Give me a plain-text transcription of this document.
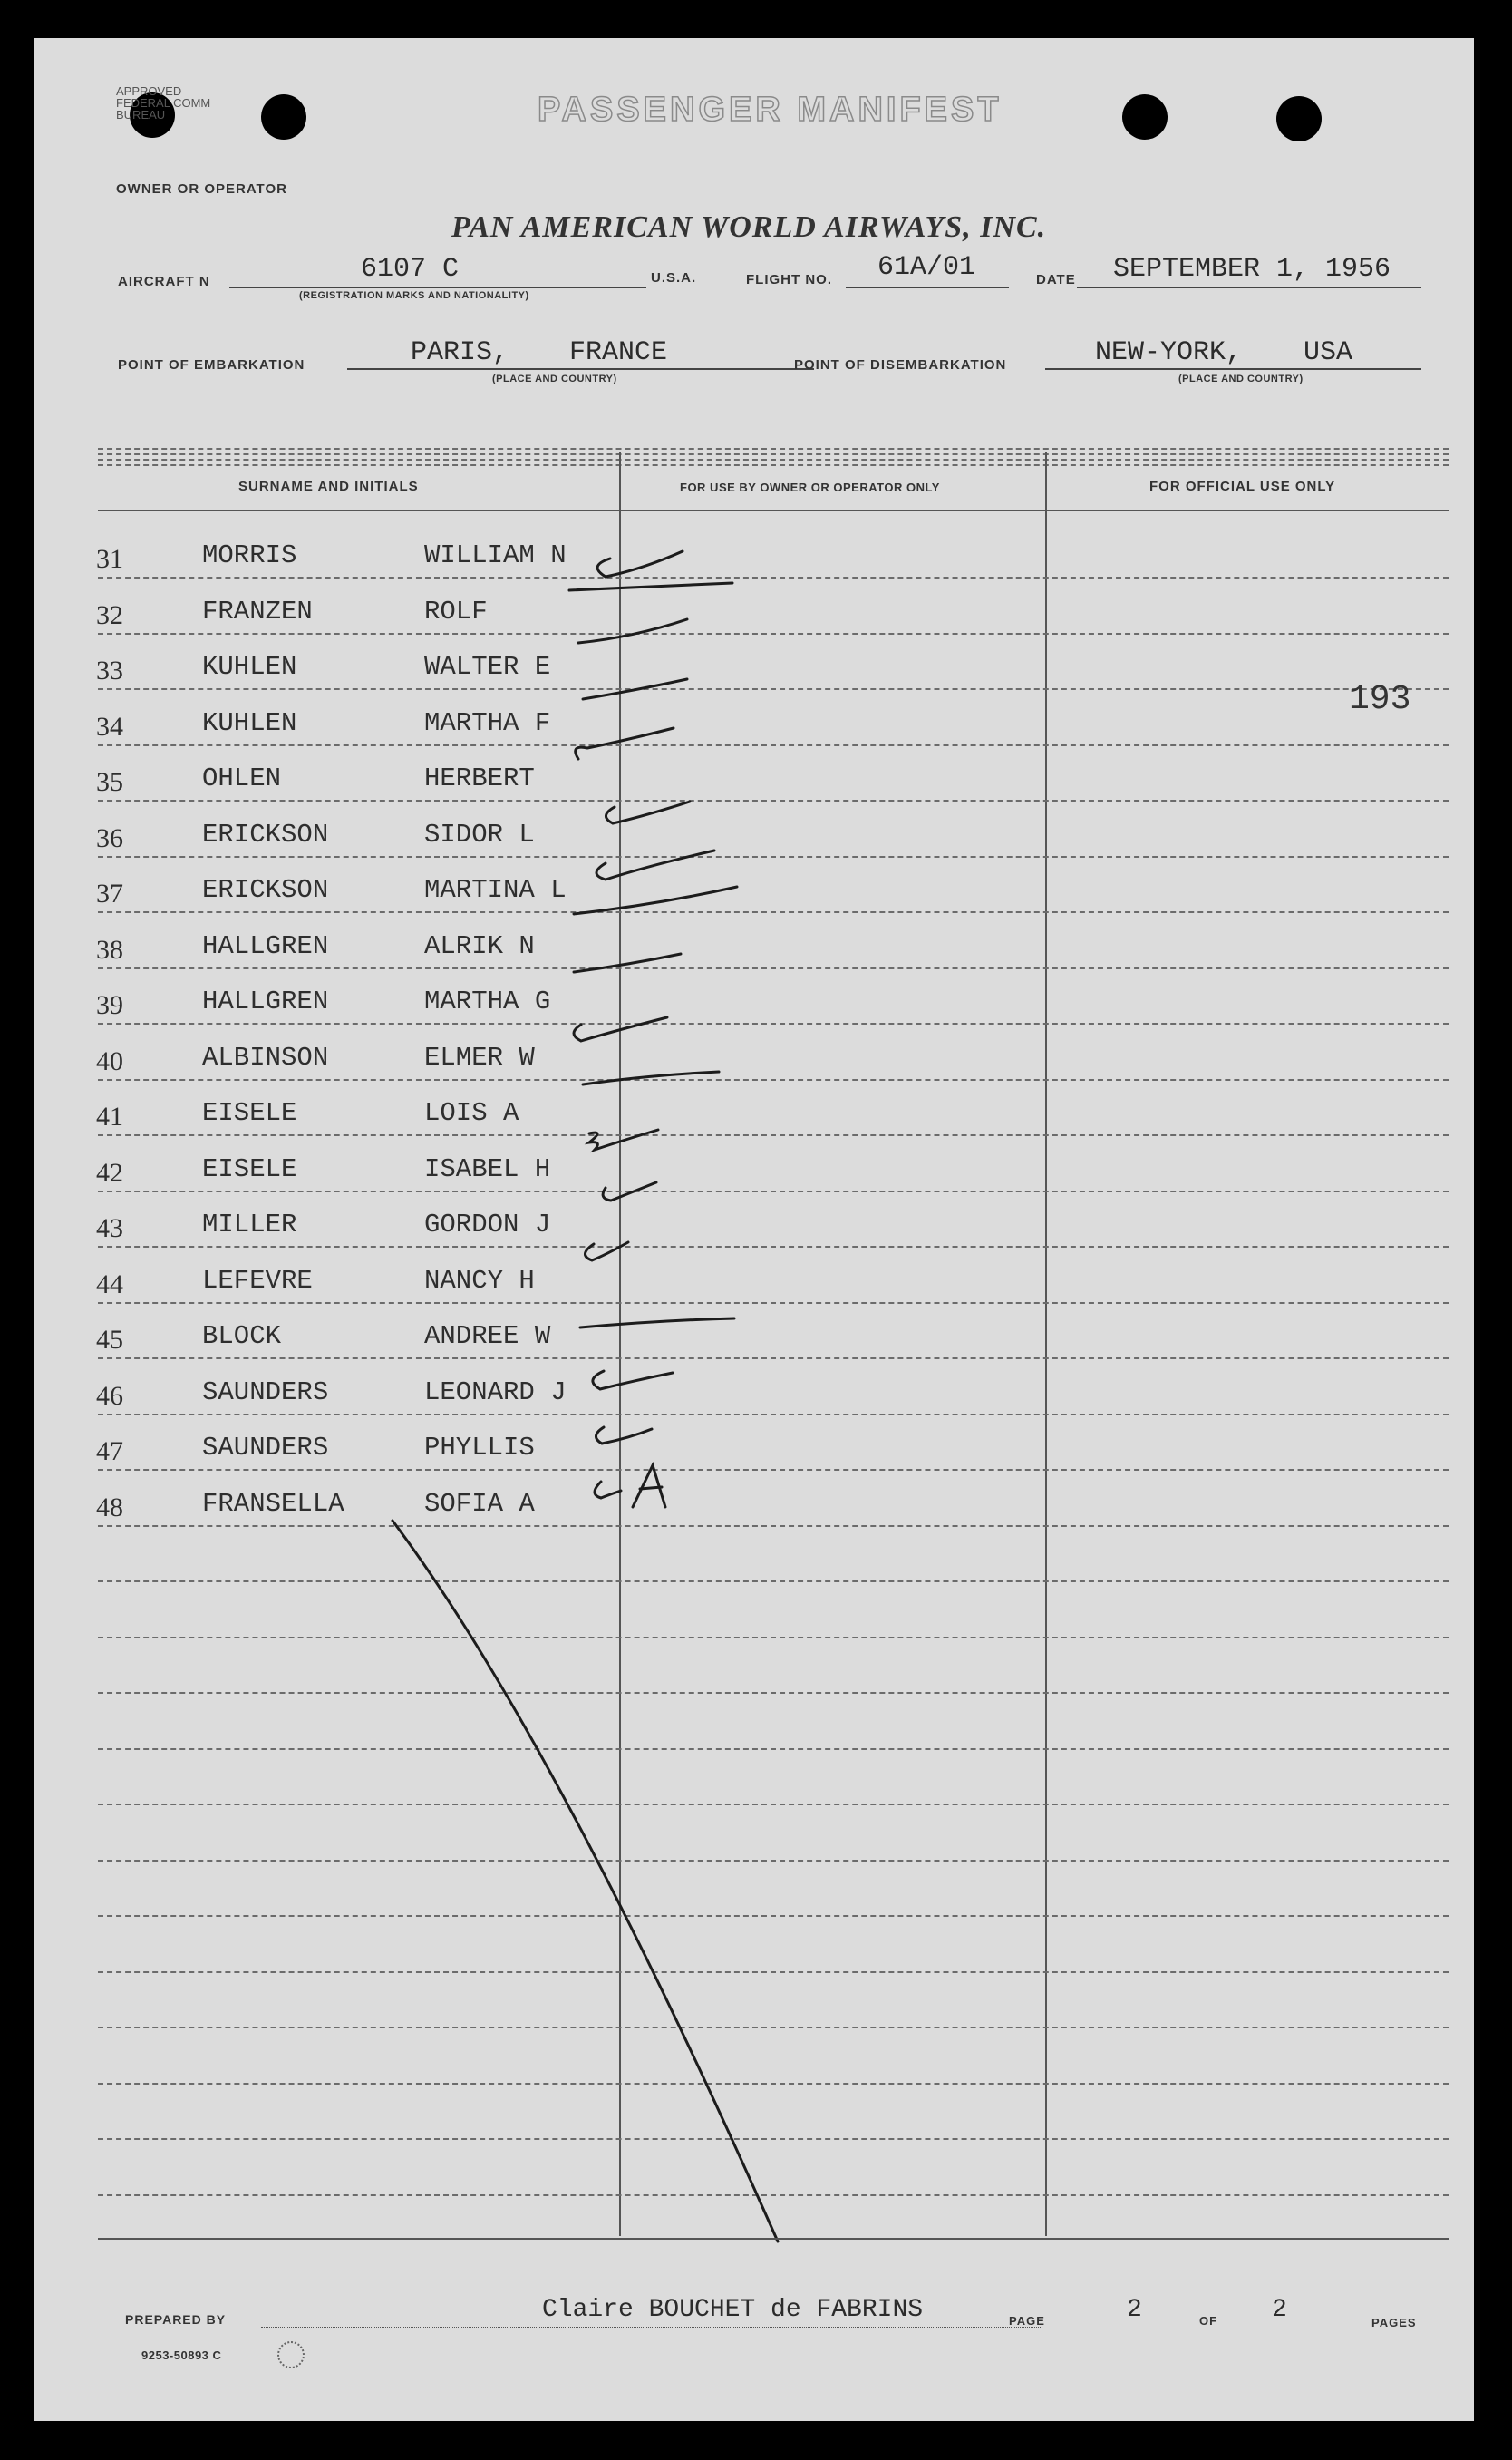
APPROVED
FEDERAL COMM
BUREAU	PASSENGER MANIFEST
OWNER OR OPERATOR
PAN AMERICAN WORLD AIRWAYS, INC.
AIRCRAFT N	6107 C
(REGISTRATION MARKS AND NATIONALITY)
U.S.A.	FLIGHT NO. 61A/01	DATE SEPTEMBER 1, 1956
POINT OF EMBARKATION	PARIS, FRANCE
(PLACE AND COUNTRY)
POINT OF DISEMBARKATION	NEW-YORK, USA
(PLACE AND COUNTRY)
SURNAME AND INITIALS	FOR USE BY OWNER OR OPERATOR ONLY	FOR OFFICIAL USE ONLY
31	MORRIS	WILLIAM N
32	FRANZEN	ROLF
33	KUHLEN	WALTER E
34	KUHLEN	MARTHA F
35	OHLEN	HERBERT
36	ERICKSON	SIDOR L
37	ERICKSON	MARTINA L
38	HALLGREN	ALRIK N
39	HALLGREN	MARTHA G
40	ALBINSON	ELMER W
41	EISELE	LOIS A
42	EISELE	ISABEL H
43	MILLER	GORDON J
44	LEFEVRE	NANCY H
45	BLOCK	ANDREE W
46	SAUNDERS	LEONARD J
47	SAUNDERS	PHYLLIS
48	FRANSELLA	SOFIA A
193
PREPARED BY	Claire BOUCHET de FABRINS	PAGE	2	OF 2	PAGES
9253-50893 C
